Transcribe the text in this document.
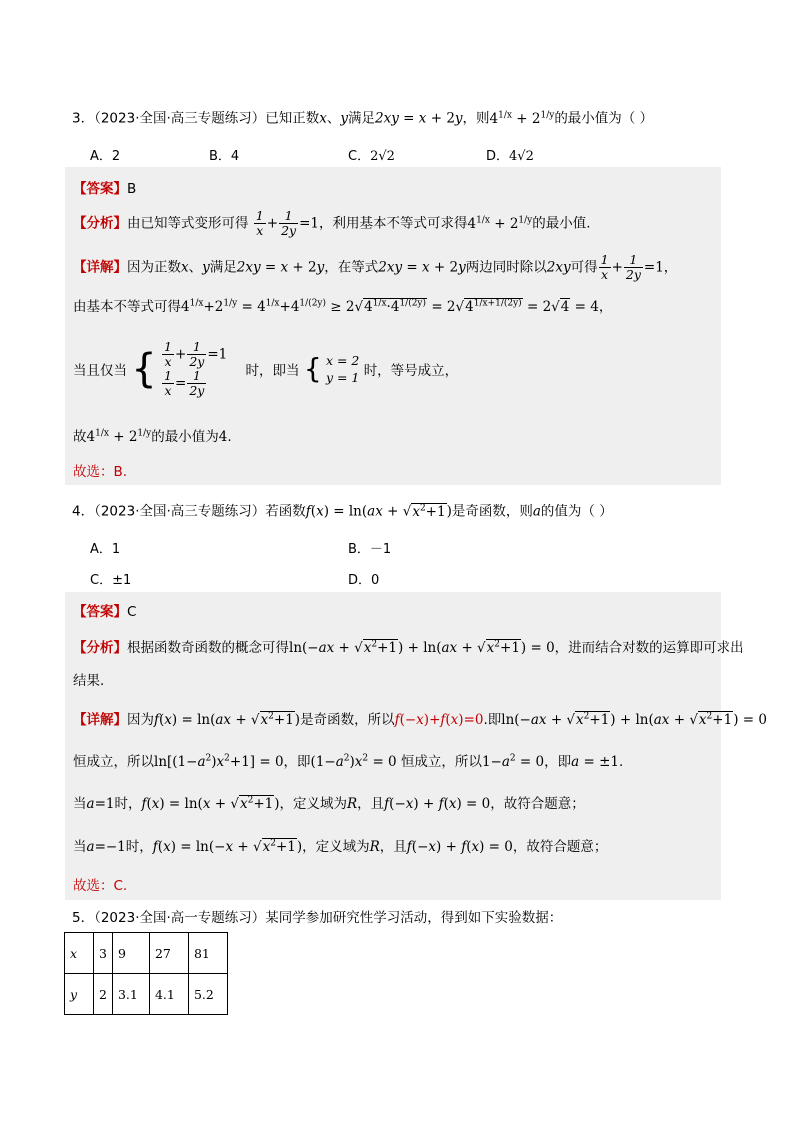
3．（2023·全国·高三专题练习）已知正数x、y满足2xy = x + 2y，则$4^{1/x} + 2^{1/y}$的最小值为（ ）
A．2	B．4	C．2√2	D．4√2
【答案】B
【分析】由已知等式变形可得 $\frac{1}{x} + \frac{1}{2y} =1$，利用基本不等式可求得$4^{1/x} + 2^{1/y}$的最小值.
【详解】因为正数x、y满足2xy = x + 2y，在等式2xy = x + 2y两边同时除以2xy可得 $\frac{1}{x} + \frac{1}{2y} =1$，
由基本不等式可得$4^{1/x}+2^{1/y} = 4^{1/x}+4^{1/(2y)} \ge 2√4^{1/x}\cdot 4^{1/(2y)} = 2√4^{1/x+1/(2y)} = 2√4 = 4$，
当且仅当 { $\frac{1}{x} + \frac{1}{2y} =1$
$\frac{1}{x} = \frac{1}{2y}$	时，即当 { x = 2
y = 1 时，等号成立，
故$4^{1/x} + 2^{1/y}$的最小值为4.
故选：B.
4．（2023·全国·高三专题练习）若函数$f(x) = \ln(ax + √x^2+1)$是奇函数，则a的值为（ ）
A．1	B．－1
C．±1	D．0
【答案】C
【分析】根据函数奇函数的概念可得$\ln(-ax + √x^2+1) + \ln(ax + √x^2+1) = 0$，进而结合对数的运算即可求出
结果.
【详解】因为$f(x) = \ln(ax + √x^2+1)$是奇函数，所以f(−x)+f(x)=0.即$\ln(-ax + √x^2+1) + \ln(ax + √x^2+1) = 0$
恒成立，所以$\ln[(1-a^2)x^2+1] = 0$，即$(1-a^2)x^2 = 0$ 恒成立，所以$1-a^2 = 0$，即a = ±1.
当a=1时，$f(x) = \ln(x + √x^2+1)$，定义域为R，且f(−x) + f(x) = 0，故符合题意；
当a=−1时，$f(x) = \ln(-x + √x^2+1)$，定义域为R，且f(−x) + f(x) = 0，故符合题意；
故选：C.
5．（2023·全国·高一专题练习）某同学参加研究性学习活动，得到如下实验数据：
x	3	9	27	81
y	2	3.1	4.1	5.2
